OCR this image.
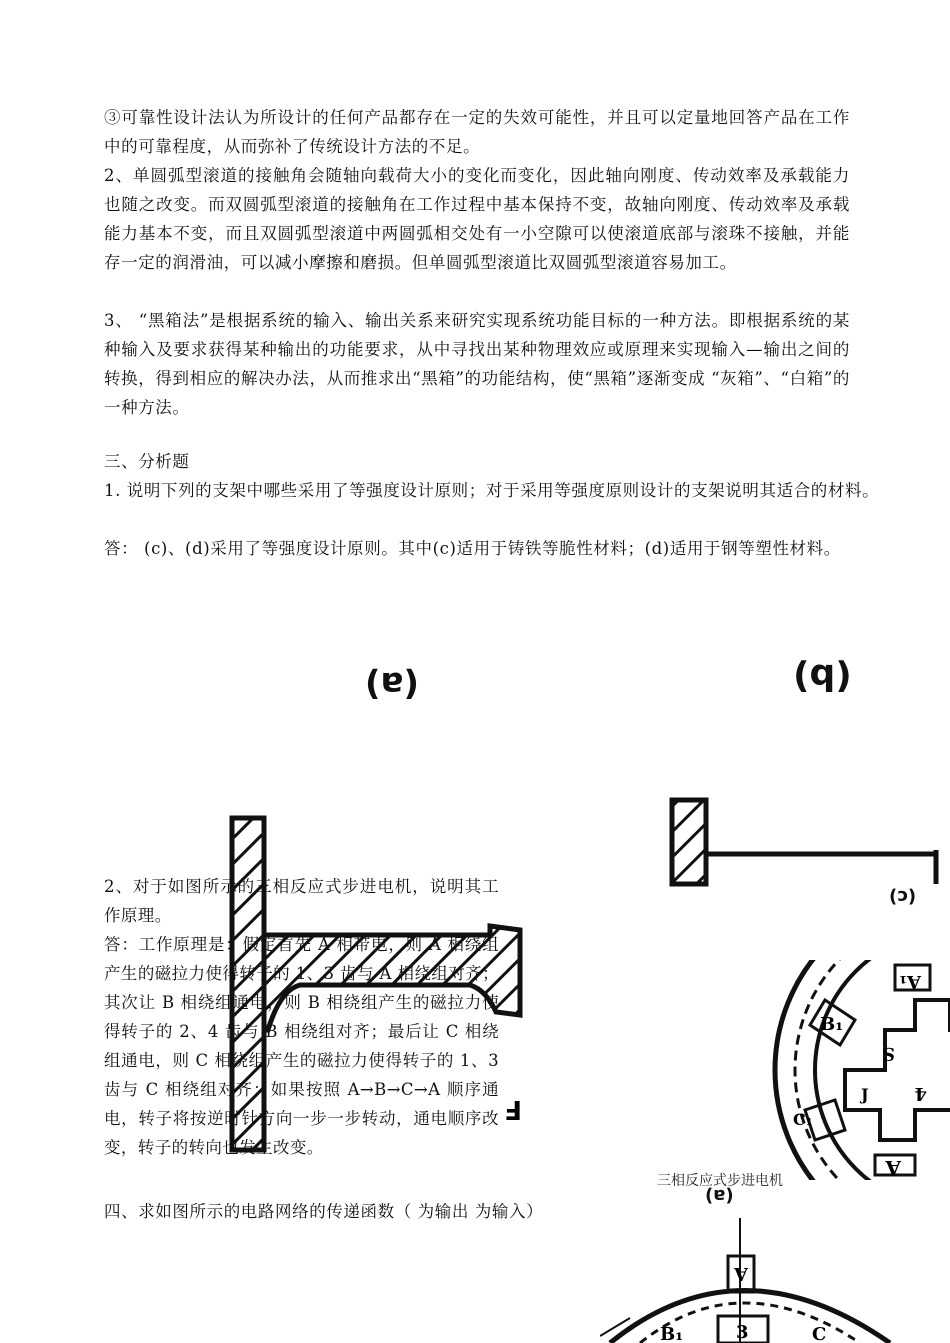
③可靠性设计法认为所设计的任何产品都存在一定的失效可能性，并且可以定量地回答产品在工作中的可靠程度，从而弥补了传统设计方法的不足。

2、单圆弧型滚道的接触角会随轴向载荷大小的变化而变化，因此轴向刚度、传动效率及承载能力也随之改变。而双圆弧型滚道的接触角在工作过程中基本保持不变，故轴向刚度、传动效率及承载能力基本不变，而且双圆弧型滚道中两圆弧相交处有一小空隙可以使滚道底部与滚珠不接触，并能存一定的润滑油，可以减小摩擦和磨损。但单圆弧型滚道比双圆弧型滚道容易加工。

3、 “黑箱法”是根据系统的输入、输出关系来研究实现系统功能目标的一种方法。即根据系统的某种输入及要求获得某种输出的功能要求，从中寻找出某种物理效应或原理来实现输入—输出之间的转换，得到相应的解决办法，从而推求出“黑箱”的功能结构，使“黑箱”逐渐变成 “灰箱”、“白箱”的一种方法。

三、分析题

1. 说明下列的支架中哪些采用了等强度设计原则；对于采用等强度原则设计的支架说明其适合的材料。

答： (c)、(d)采用了等强度设计原则。其中(c)适用于铸铁等脆性材料；(d)适用于钢等塑性材料。

(a)	(b)
F
(c)

2、对于如图所示的三相反应式步进电机，说明其工作原理。

答：工作原理是：假定首先 A 相带电，则 A 相绕组产生的磁拉力使得转子的 1、3 齿与 A 相绕组对齐；其次让 B 相绕组通电，则 B 相绕组产生的磁拉力使得转子的 2、4 齿与 B 相绕组对齐；最后让 C 相绕组通电，则 C 相绕组产生的磁拉力使得转子的 1、3 齿与 C 相绕组对齐；如果按照 A→B→C→A 顺序通电，转子将按逆时针方向一步一步转动，通电顺序改变，转子的转向也发生改变。

A₁
B₁
C₁
S
J	4
A
三相反应式步进电机
(a)

四、求如图所示的电路网络的传递函数（ 为输出 为输入）

A
3
B₁	C
